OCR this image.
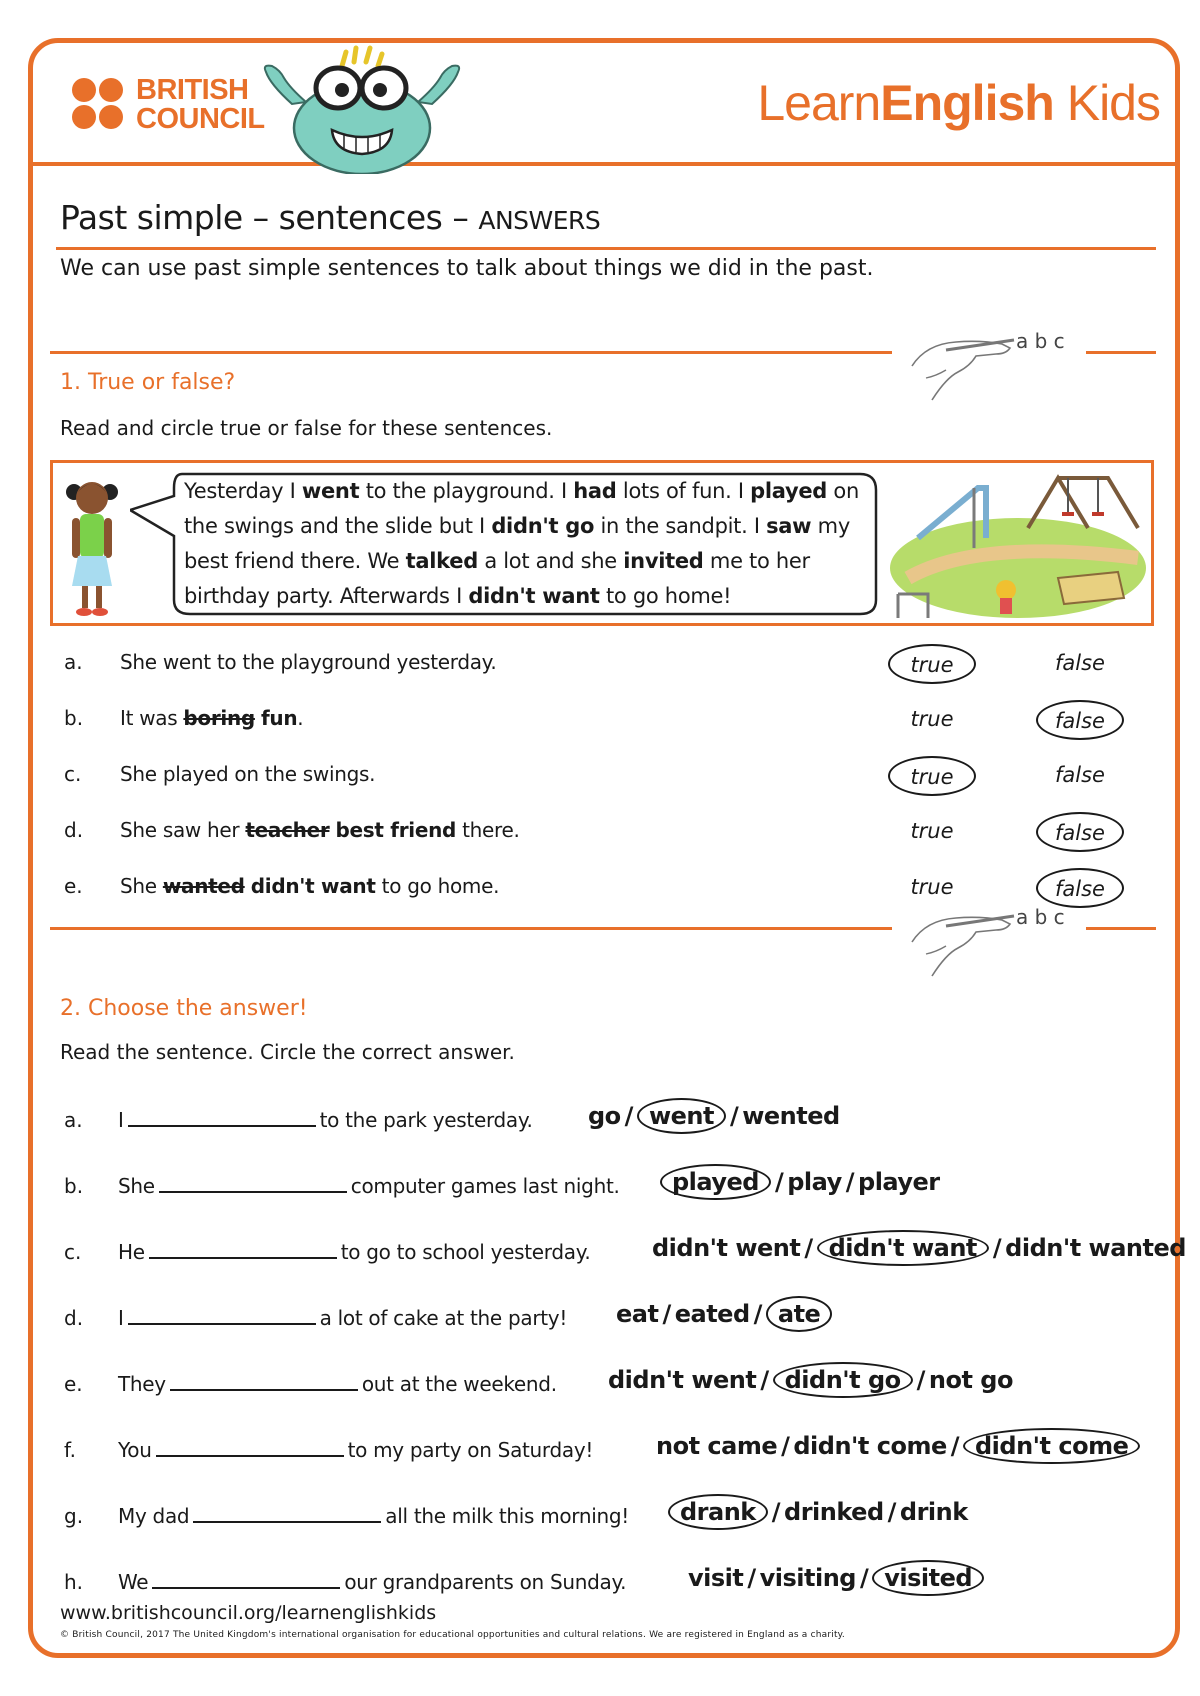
BRITISH
COUNCIL	LearnEnglish Kids
Past simple – sentences – ANSWERS
We can use past simple sentences to talk about things we did in the past.
a b c
1. True or false?
Read and circle true or false for these sentences.
Yesterday I went to the playground. I had lots of fun. I played on the swings and the slide but I didn't go in the sandpit. I saw my best friend there. We talked a lot and she invited me to her birthday party. Afterwards I didn't want to go home!
a. She went to the playground yesterday.	true	false
b. It was boring fun.	true	false
c. She played on the swings.	true	false
d. She saw her teacher best friend there.	true	false
e. She wanted didn't want to go home.	true	false
a b c
2. Choose the answer!
Read the sentence. Circle the correct answer.
a. I	to the park yesterday. go / went / wented
b. She	computer games last night.	played / play / player
c. He	to go to school yesterday.	didn't went / didn't want / didn't wanted
d. I	a lot of cake at the party! eat / eated / ate
e. They	out at the weekend. didn't went / didn't go / not go
f. You	to my party on Saturday!	not came / didn't come / didn't come
g. My dad	all the milk this morning!	drank / drinked / drink
h. We	our grandparents on Sunday.	visit / visiting / visited
www.britishcouncil.org/learnenglishkids
© British Council, 2017 The United Kingdom's international organisation for educational opportunities and cultural relations. We are registered in England as a charity.
